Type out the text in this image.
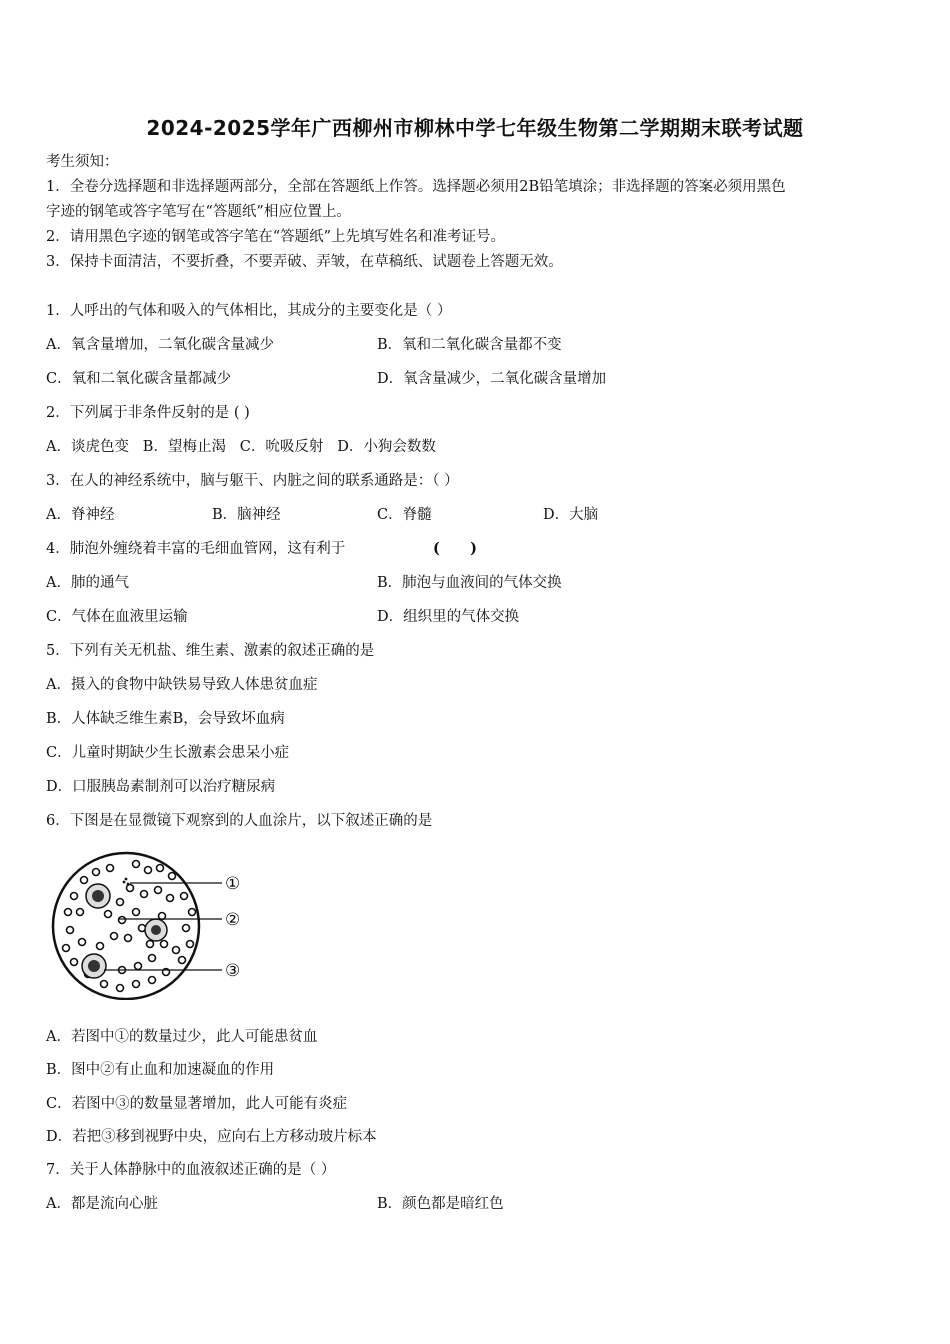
2024-2025学年广西柳州市柳林中学七年级生物第二学期期末联考试题
考生须知：
1．全卷分选择题和非选择题两部分，全部在答题纸上作答。选择题必须用2B铅笔填涂；非选择题的答案必须用黑色
字迹的钢笔或答字笔写在“答题纸”相应位置上。
2．请用黑色字迹的钢笔或答字笔在“答题纸”上先填写姓名和准考证号。
3．保持卡面清洁，不要折叠，不要弄破、弄皱，在草稿纸、试题卷上答题无效。
1．人呼出的气体和吸入的气体相比，其成分的主要变化是（ ）
A．氧含量增加，二氧化碳含量减少	B．氧和二氧化碳含量都不变
C．氧和二氧化碳含量都减少	D．氧含量减少，二氧化碳含量增加
2．下列属于非条件反射的是 ( )
A．谈虎色变   B．望梅止渴   C．吮吸反射   D．小狗会数数
3．在人的神经系统中，脑与躯干、内脏之间的联系通路是：（ ）
A．脊神经	B．脑神经	C．脊髓	D．大脑
4．肺泡外缠绕着丰富的毛细血管网，这有利于	(      )
A．肺的通气	B．肺泡与血液间的气体交换
C．气体在血液里运输	D．组织里的气体交换
5．下列有关无机盐、维生素、激素的叙述正确的是
A．摄入的食物中缺铁易导致人体患贫血症
B．人体缺乏维生素B，会导致坏血病
C．儿童时期缺少生长激素会患呆小症
D．口服胰岛素制剂可以治疗糖尿病
6．下图是在显微镜下观察到的人血涂片，以下叙述正确的是
①
②
③
A．若图中①的数量过少，此人可能患贫血
B．图中②有止血和加速凝血的作用
C．若图中③的数量显著增加，此人可能有炎症
D．若把③移到视野中央，应向右上方移动玻片标本
7．关于人体静脉中的血液叙述正确的是（ ）
A．都是流向心脏	B．颜色都是暗红色
